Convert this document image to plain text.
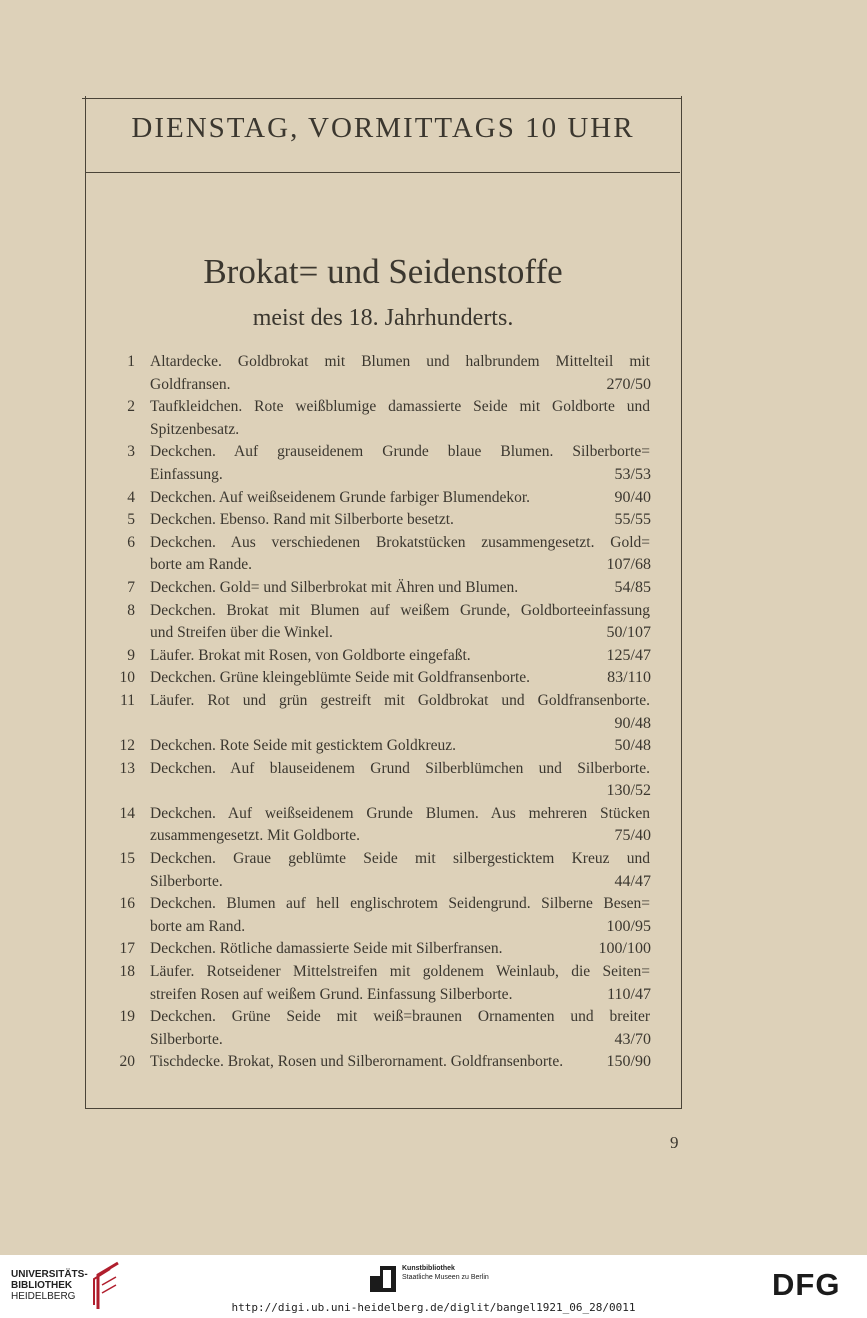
DIENSTAG, VORMITTAGS 10 UHR
Brokat= und Seidenstoffe
meist des 18. Jahrhunderts.
1 Altardecke. Goldbrokat mit Blumen und halbrundem Mittelteil mit
Goldfransen.	270/50
2 Taufkleidchen. Rote weißblumige damassierte Seide mit Goldborte und
Spitzenbesatz.
3 Deckchen. Auf grauseidenem Grunde blaue Blumen. Silberborte=
Einfassung.	53/53
4 Deckchen. Auf weißseidenem Grunde farbiger Blumendekor.	90/40
5 Deckchen. Ebenso. Rand mit Silberborte besetzt.	55/55
6 Deckchen. Aus verschiedenen Brokatstücken zusammengesetzt. Gold=
borte am Rande.	107/68
7 Deckchen. Gold= und Silberbrokat mit Ähren und Blumen.	54/85
8 Deckchen. Brokat mit Blumen auf weißem Grunde, Goldborteeinfassung
und Streifen über die Winkel.	50/107
9 Läufer. Brokat mit Rosen, von Goldborte eingefaßt.	125/47
10 Deckchen. Grüne kleingeblümte Seide mit Goldfransenborte.	83/110
11 Läufer. Rot und grün gestreift mit Goldbrokat und Goldfransenborte.
90/48
12 Deckchen. Rote Seide mit gesticktem Goldkreuz.	50/48
13 Deckchen. Auf blauseidenem Grund Silberblümchen und Silberborte.
130/52
14 Deckchen. Auf weißseidenem Grunde Blumen. Aus mehreren Stücken
zusammengesetzt. Mit Goldborte.	75/40
15 Deckchen. Graue geblümte Seide mit silbergesticktem Kreuz und
Silberborte.	44/47
16 Deckchen. Blumen auf hell englischrotem Seidengrund. Silberne Besen=
borte am Rand.	100/95
17 Deckchen. Rötliche damassierte Seide mit Silberfransen.	100/100
18 Läufer. Rotseidener Mittelstreifen mit goldenem Weinlaub, die Seiten=
streifen Rosen auf weißem Grund. Einfassung Silberborte.	110/47
19 Deckchen. Grüne Seide mit weiß=braunen Ornamenten und breiter
Silberborte.	43/70
20 Tischdecke. Brokat, Rosen und Silberornament. Goldfransenborte.	150/90
9
UNIVERSITÄTS-
BIBLIOTHEK
HEIDELBERG
Kunstbibliothek
Staatliche Museen zu Berlin	DFG
http://digi.ub.uni-heidelberg.de/diglit/bangel1921_06_28/0011
